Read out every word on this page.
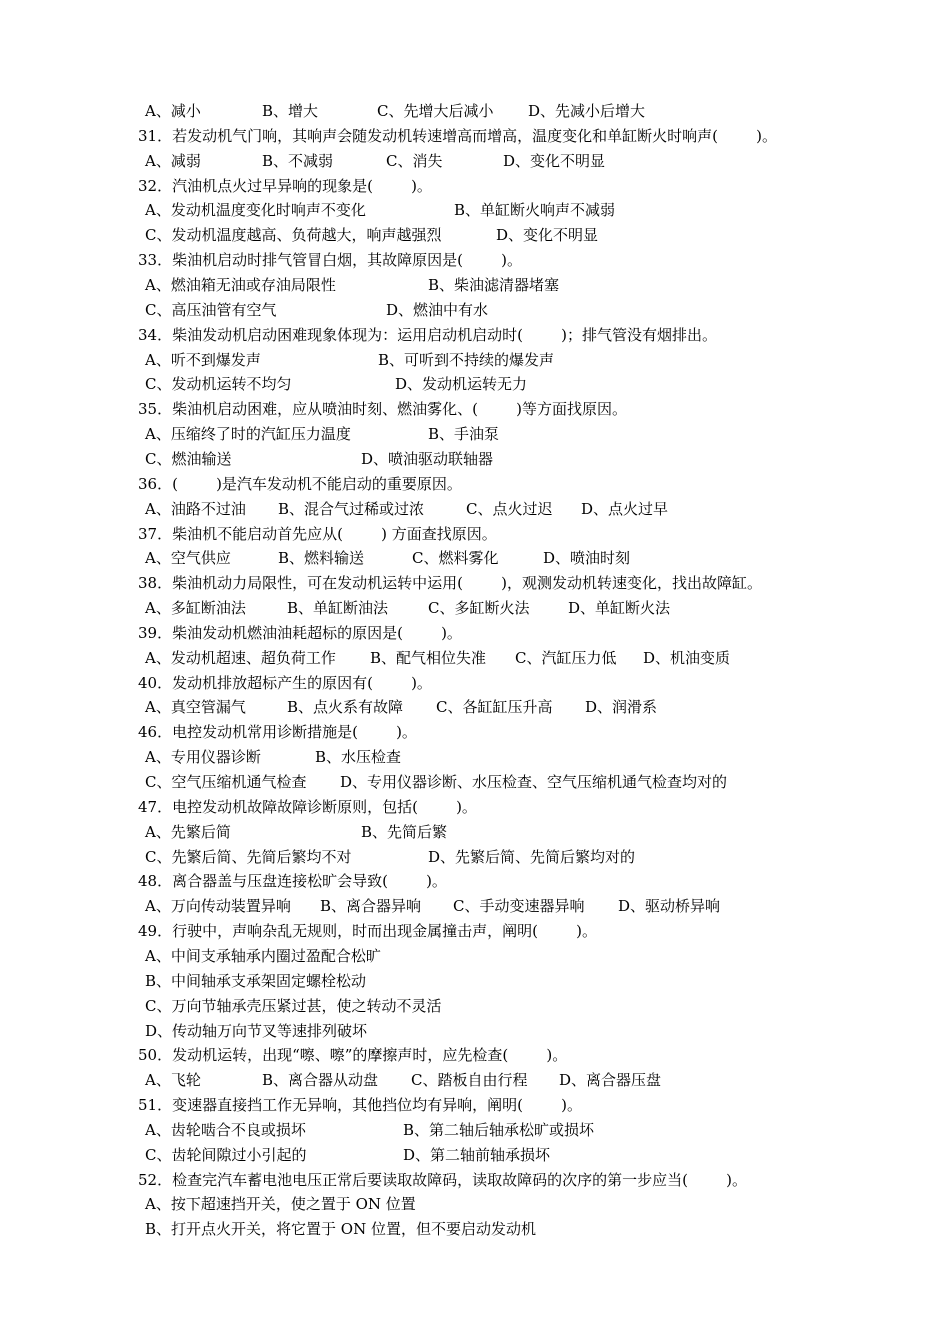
A、减小	B、增大	C、先增大后减小 D、先减小后增大
31．若发动机气门响，其响声会随发动机转速增高而增高，温度变化和单缸断火时响声(        )。
A、减弱	B、不减弱	C、消失	D、变化不明显
32．汽油机点火过早异响的现象是(        )。
A、发动机温度变化时响声不变化	B、单缸断火响声不减弱
C、发动机温度越高、负荷越大，响声越强烈	D、变化不明显
33．柴油机启动时排气管冒白烟，其故障原因是(        )。
A、燃油箱无油或存油局限性	B、柴油滤清器堵塞
C、高压油管有空气	D、燃油中有水
34．柴油发动机启动困难现象体现为：运用启动机启动时(        )；排气管没有烟排出。
A、听不到爆发声	B、可听到不持续的爆发声
C、发动机运转不均匀	D、发动机运转无力
35．柴油机启动困难，应从喷油时刻、燃油雾化、(        )等方面找原因。
A、压缩终了时的汽缸压力温度	B、手油泵
C、燃油输送	D、喷油驱动联轴器
36．(        )是汽车发动机不能启动的重要原因。
A、油路不过油 B、混合气过稀或过浓	C、点火过迟 D、点火过早
37．柴油机不能启动首先应从(        ) 方面查找原因。
A、空气供应	B、燃料输送	C、燃料雾化	D、喷油时刻
38．柴油机动力局限性，可在发动机运转中运用(        )，观测发动机转速变化，找出故障缸。
A、多缸断油法	B、单缸断油法	C、多缸断火法	D、单缸断火法
39．柴油发动机燃油油耗超标的原因是(        )。
A、发动机超速、超负荷工作 B、配气相位失准 C、汽缸压力低 D、机油变质
40．发动机排放超标产生的原因有(        )。
A、真空管漏气	B、点火系有故障 C、各缸缸压升高 D、润滑系
46．电控发动机常用诊断措施是(        )。
A、专用仪器诊断	B、水压检查
C、空气压缩机通气检查 D、专用仪器诊断、水压检查、空气压缩机通气检查均对的
47．电控发动机故障故障诊断原则，包括(        )。
A、先繁后简	B、先简后繁
C、先繁后简、先简后繁均不对	D、先繁后简、先简后繁均对的
48．离合器盖与压盘连接松旷会导致(        )。
A、万向传动装置异响 B、离合器异响 C、手动变速器异响 D、驱动桥异响
49．行驶中，声响杂乱无规则，时而出现金属撞击声，阐明(        )。
A、中间支承轴承内圈过盈配合松旷
B、中间轴承支承架固定螺栓松动
C、万向节轴承壳压紧过甚，使之转动不灵活
D、传动轴万向节叉等速排列破坏
50．发动机运转，出现“嚓、嚓”的摩擦声时，应先检查(        )。
A、飞轮	B、离合器从动盘 C、踏板自由行程 D、离合器压盘
51．变速器直接挡工作无异响，其他挡位均有异响，阐明(        )。
A、齿轮啮合不良或损坏	B、第二轴后轴承松旷或损坏
C、齿轮间隙过小引起的	D、第二轴前轴承损坏
52．检查完汽车蓄电池电压正常后要读取故障码，读取故障码的次序的第一步应当(        )。
A、按下超速挡开关，使之置于 ON 位置
B、打开点火开关，将它置于 ON 位置，但不要启动发动机
